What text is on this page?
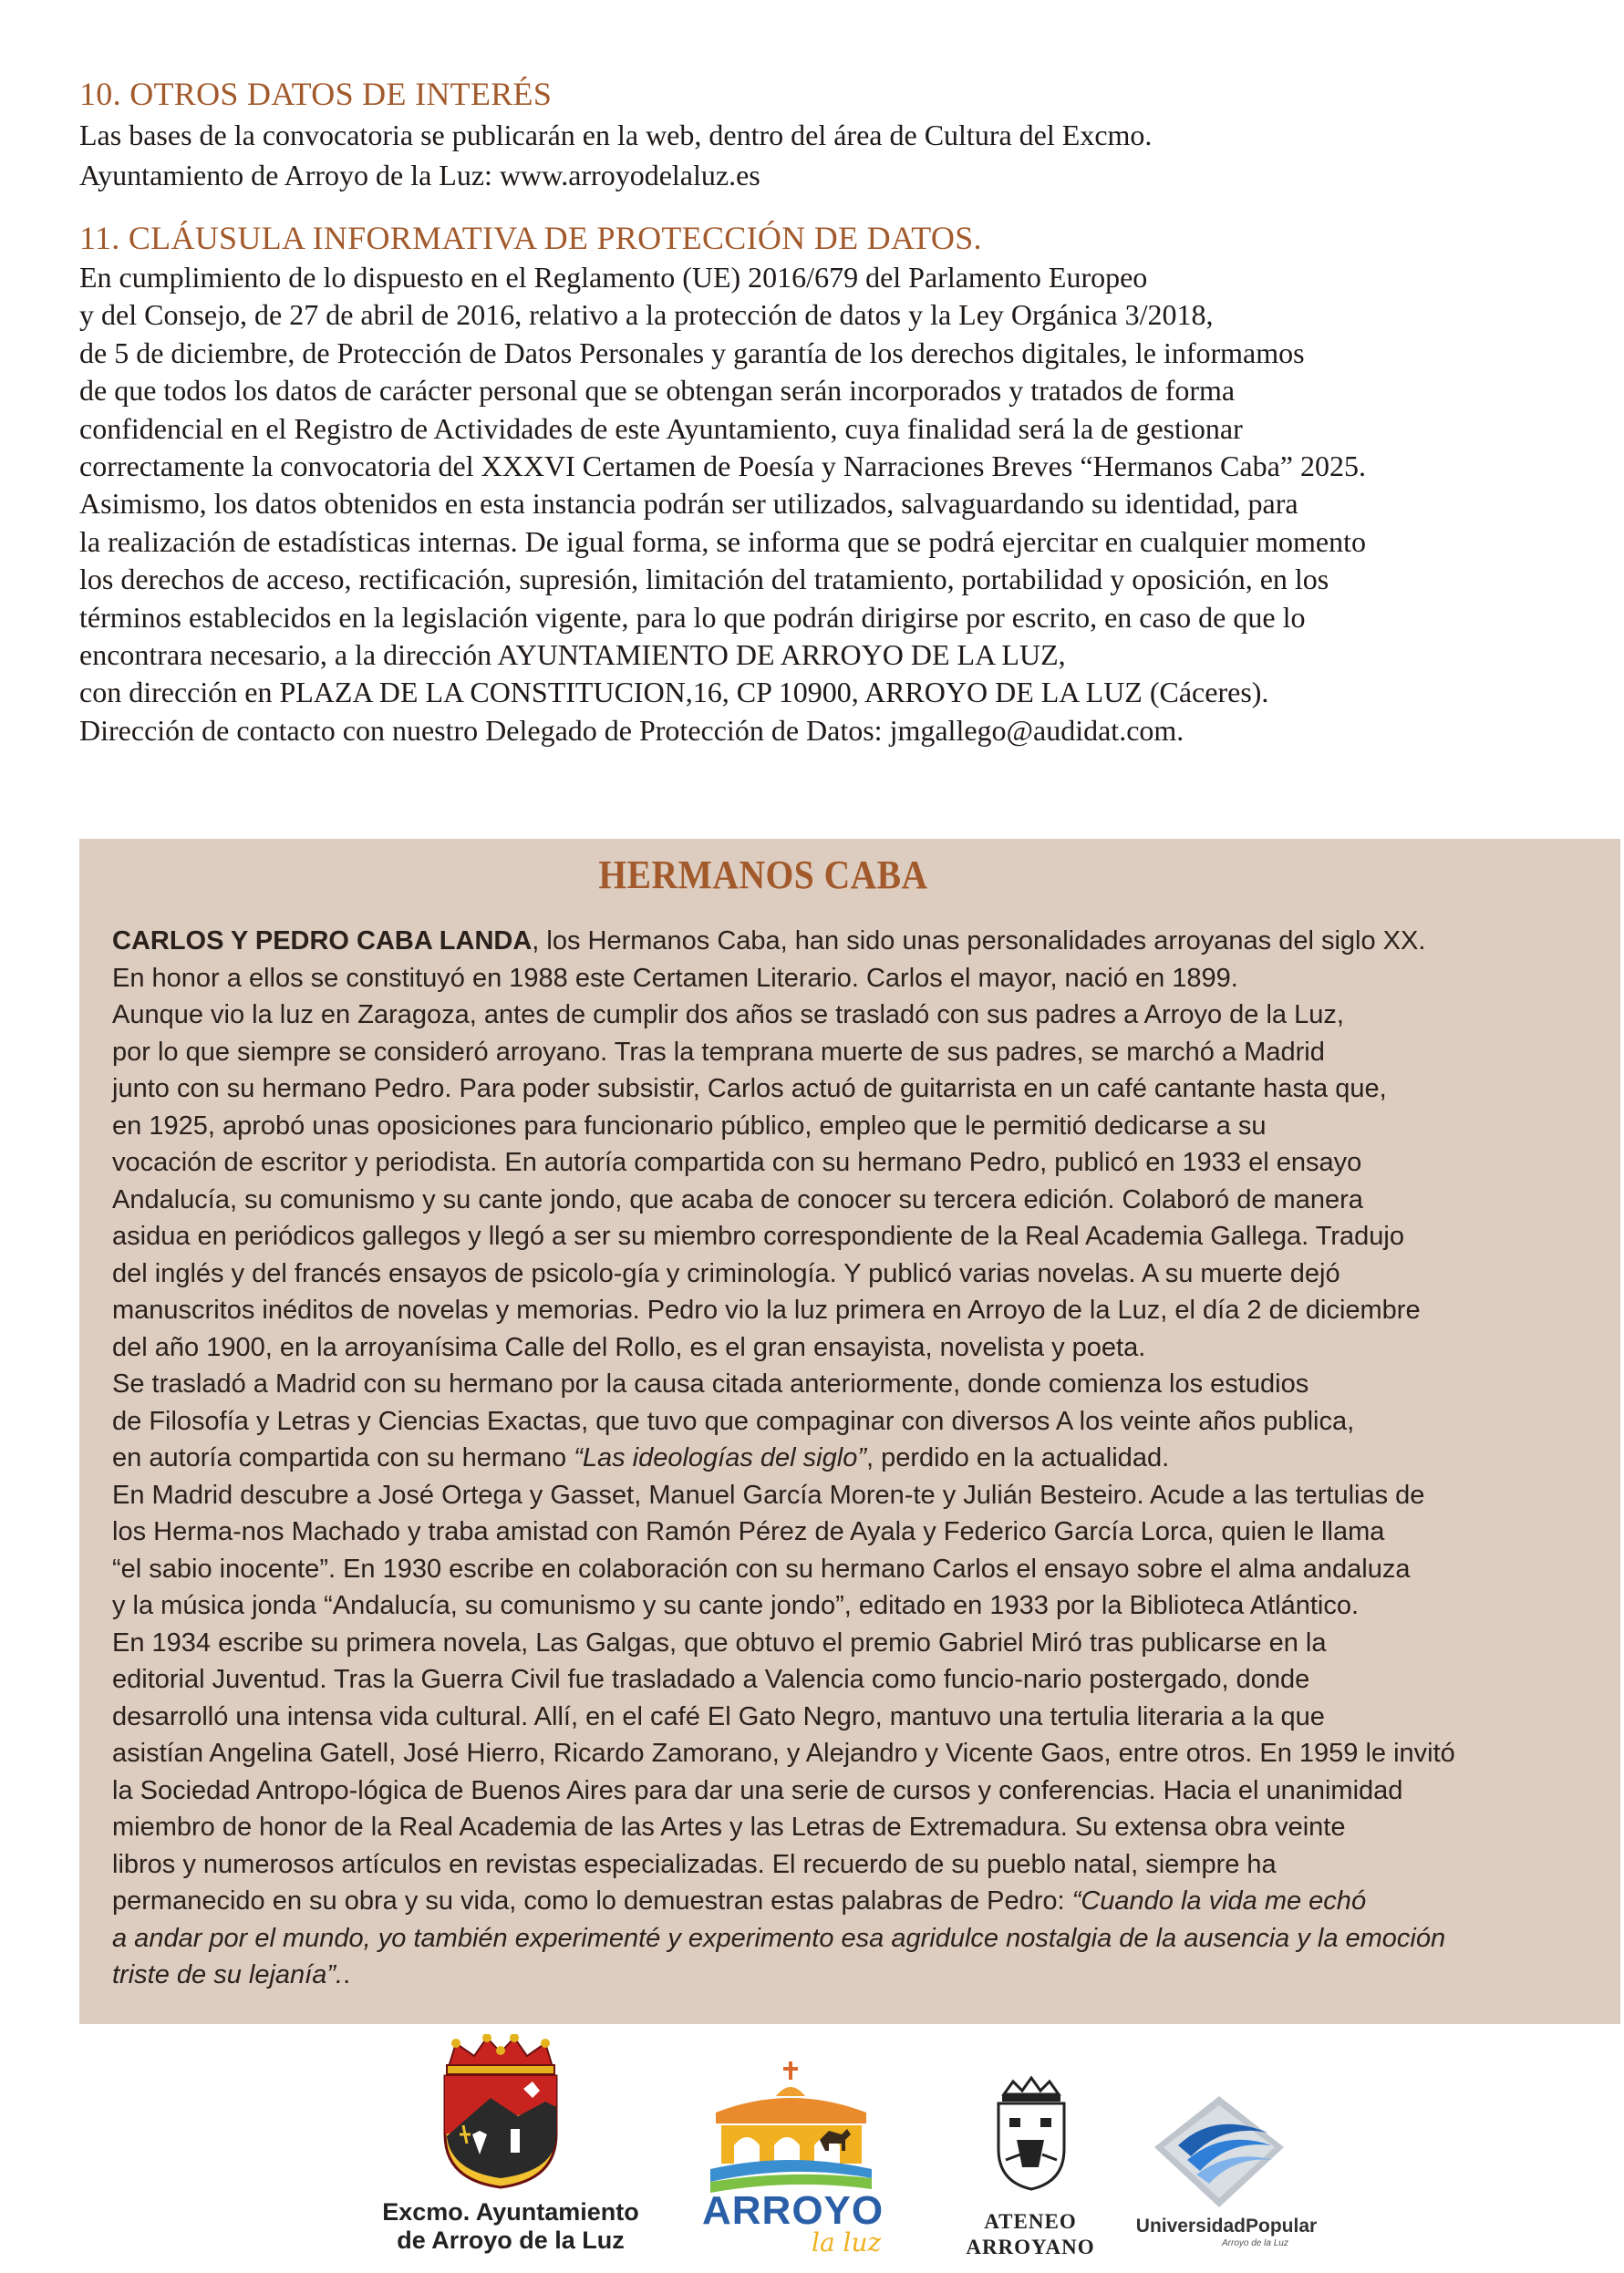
10. OTROS DATOS DE INTERÉS
Las bases de la convocatoria se publicarán en la web, dentro del área de Cultura del Excmo.
Ayuntamiento de Arroyo de la Luz: www.arroyodelaluz.es
11. CLÁUSULA INFORMATIVA DE PROTECCIÓN DE DATOS.
En cumplimiento de lo dispuesto en el Reglamento (UE) 2016/679 del Parlamento Europeo
y del Consejo, de 27 de abril de 2016, relativo a la protección de datos y la Ley Orgánica 3/2018,
de 5 de diciembre, de Protección de Datos Personales y garantía de los derechos digitales, le informamos
de que todos los datos de carácter personal que se obtengan serán incorporados y tratados de forma
confidencial en el Registro de Actividades de este Ayuntamiento, cuya finalidad será la de gestionar
correctamente la convocatoria del XXXVI Certamen de Poesía y Narraciones Breves “Hermanos Caba” 2025.
Asimismo, los datos obtenidos en esta instancia podrán ser utilizados, salvaguardando su identidad, para
la realización de estadísticas internas. De igual forma, se informa que se podrá ejercitar en cualquier momento
los derechos de acceso, rectificación, supresión, limitación del tratamiento, portabilidad y oposición, en los
términos establecidos en la legislación vigente, para lo que podrán dirigirse por escrito, en caso de que lo
encontrara necesario, a la dirección AYUNTAMIENTO DE ARROYO DE LA LUZ,
con dirección en PLAZA DE LA CONSTITUCION,16, CP 10900, ARROYO DE LA LUZ (Cáceres).
Dirección de contacto con nuestro Delegado de Protección de Datos: jmgallego@audidat.com.
HERMANOS CABA
CARLOS Y PEDRO CABA LANDA, los Hermanos Caba, han sido unas personalidades arroyanas del siglo XX.
En honor a ellos se constituyó en 1988 este Certamen Literario. Carlos el mayor, nació en 1899.
Aunque vio la luz en Zaragoza, antes de cumplir dos años se trasladó con sus padres a Arroyo de la Luz,
por lo que siempre se consideró arroyano. Tras la temprana muerte de sus padres, se marchó a Madrid
junto con su hermano Pedro. Para poder subsistir, Carlos actuó de guitarrista en un café cantante hasta que,
en 1925, aprobó unas oposiciones para funcionario público, empleo que le permitió dedicarse a su
vocación de escritor y periodista. En autoría compartida con su hermano Pedro, publicó en 1933 el ensayo
Andalucía, su comunismo y su cante jondo, que acaba de conocer su tercera edición. Colaboró de manera
asidua en periódicos gallegos y llegó a ser su miembro correspondiente de la Real Academia Gallega. Tradujo
del inglés y del francés ensayos de psicolo-gía y criminología. Y publicó varias novelas. A su muerte dejó
manuscritos inéditos de novelas y memorias. Pedro vio la luz primera en Arroyo de la Luz, el día 2 de diciembre
del año 1900, en la arroyanísima Calle del Rollo, es el gran ensayista, novelista y poeta.
Se trasladó a Madrid con su hermano por la causa citada anteriormente, donde comienza los estudios
de Filosofía y Letras y Ciencias Exactas, que tuvo que compaginar con diversos A los veinte años publica,
en autoría compartida con su hermano “Las ideologías del siglo”, perdido en la actualidad.
En Madrid descubre a José Ortega y Gasset, Manuel García Moren-te y Julián Besteiro. Acude a las tertulias de
los Herma-nos Machado y traba amistad con Ramón Pérez de Ayala y Federico García Lorca, quien le llama
“el sabio inocente”. En 1930 escribe en colaboración con su hermano Carlos el ensayo sobre el alma andaluza
y la música jonda “Andalucía, su comunismo y su cante jondo”, editado en 1933 por la Biblioteca Atlántico.
En 1934 escribe su primera novela, Las Galgas, que obtuvo el premio Gabriel Miró tras publicarse en la
editorial Juventud. Tras la Guerra Civil fue trasladado a Valencia como funcio-nario postergado, donde
desarrolló una intensa vida cultural. Allí, en el café El Gato Negro, mantuvo una tertulia literaria a la que
asistían Angelina Gatell, José Hierro, Ricardo Zamorano, y Alejandro y Vicente Gaos, entre otros. En 1959 le invitó
la Sociedad Antropo-lógica de Buenos Aires para dar una serie de cursos y conferencias. Hacia el unanimidad
miembro de honor de la Real Academia de las Artes y las Letras de Extremadura. Su extensa obra veinte
libros y numerosos artículos en revistas especializadas. El recuerdo de su pueblo natal, siempre ha
permanecido en su obra y su vida, como lo demuestran estas palabras de Pedro: “Cuando la vida me echó
a andar por el mundo, yo también experimenté y experimento esa agridulce nostalgia de la ausencia y la emoción
triste de su lejanía”..
Excmo. Ayuntamiento
de Arroyo de la Luz
ARROYO
la luz
ATENEO
ARROYANO
UniversidadPopular
Arroyo de la Luz
